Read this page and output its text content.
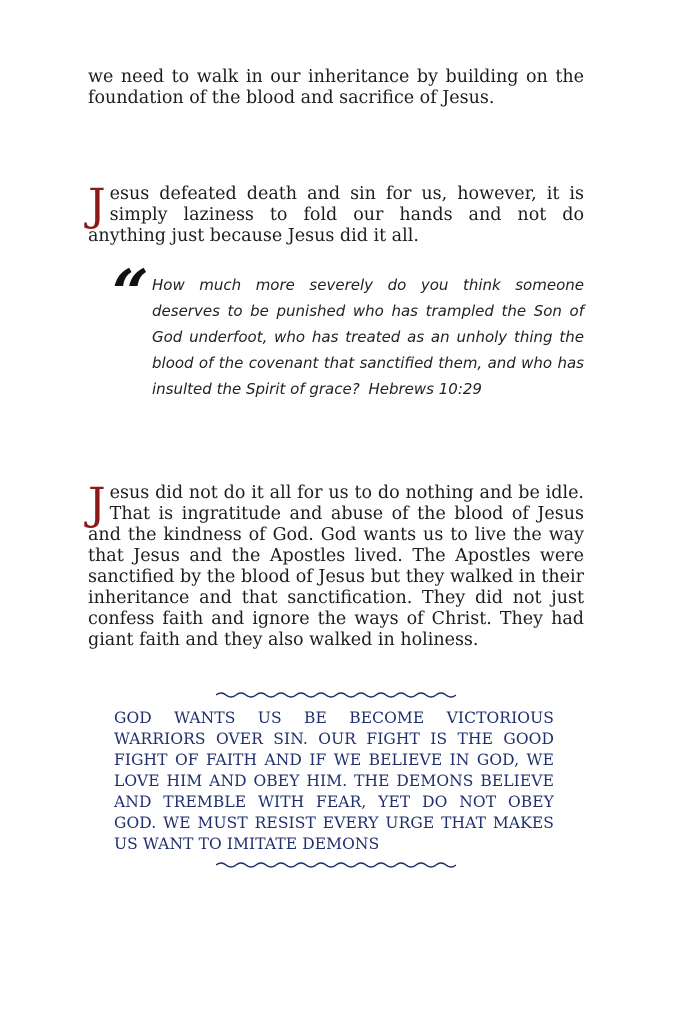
we need to walk in our inheritance by building on the foundation of the blood and sacrifice of Jesus.

Jesus defeated death and sin for us, however, it is simply laziness to fold our hands and not do anything just because Jesus did it all.

“ How much more severely do you think someone deserves to be punished who has trampled the Son of God underfoot, who has treated as an unholy thing the blood of the covenant that sanctified them, and who has insulted the Spirit of grace? Hebrews 10:29

Jesus did not do it all for us to do nothing and be idle. That is ingratitude and abuse of the blood of Jesus and the kindness of God. God wants us to live the way that Jesus and the Apostles lived. The Apostles were sanctified by the blood of Jesus but they walked in their inheritance and that sanctification. They did not just confess faith and ignore the ways of Christ. They had giant faith and they also walked in holiness.

GOD WANTS US BE BECOME VICTORIOUS WARRIORS OVER SIN. OUR FIGHT IS THE GOOD FIGHT OF FAITH AND IF WE BELIEVE IN GOD, WE LOVE HIM AND OBEY HIM. THE DEMONS BELIEVE AND TREMBLE WITH FEAR, YET DO NOT OBEY GOD. WE MUST RESIST EVERY URGE THAT MAKES US WANT TO IMITATE DEMONS
